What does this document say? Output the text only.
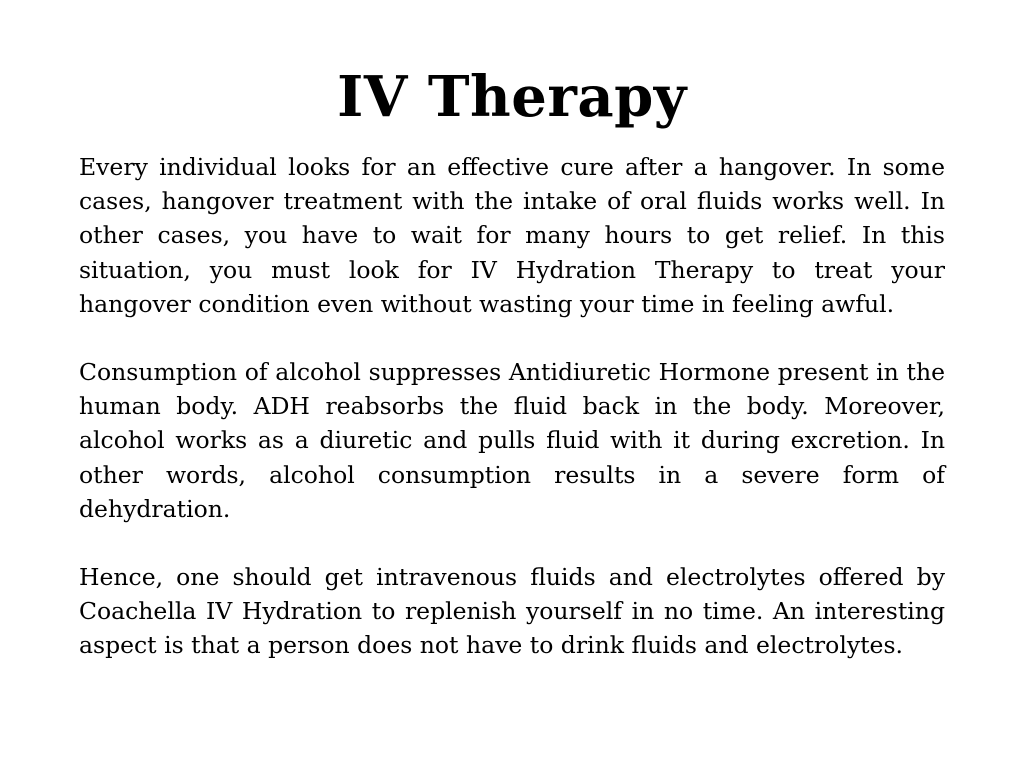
IV Therapy

Every individual looks for an effective cure after a hangover. In some cases, hangover treatment with the intake of oral fluids works well. In other cases, you have to wait for many hours to get relief. In this situation, you must look for IV Hydration Therapy to treat your hangover condition even without wasting your time in feeling awful.

Consumption of alcohol suppresses Antidiuretic Hormone present in the human body. ADH reabsorbs the fluid back in the body. Moreover, alcohol works as a diuretic and pulls fluid with it during excretion. In other words, alcohol consumption results in a severe form of dehydration.

Hence, one should get intravenous fluids and electrolytes offered by Coachella IV Hydration to replenish yourself in no time. An interesting aspect is that a person does not have to drink fluids and electrolytes.
